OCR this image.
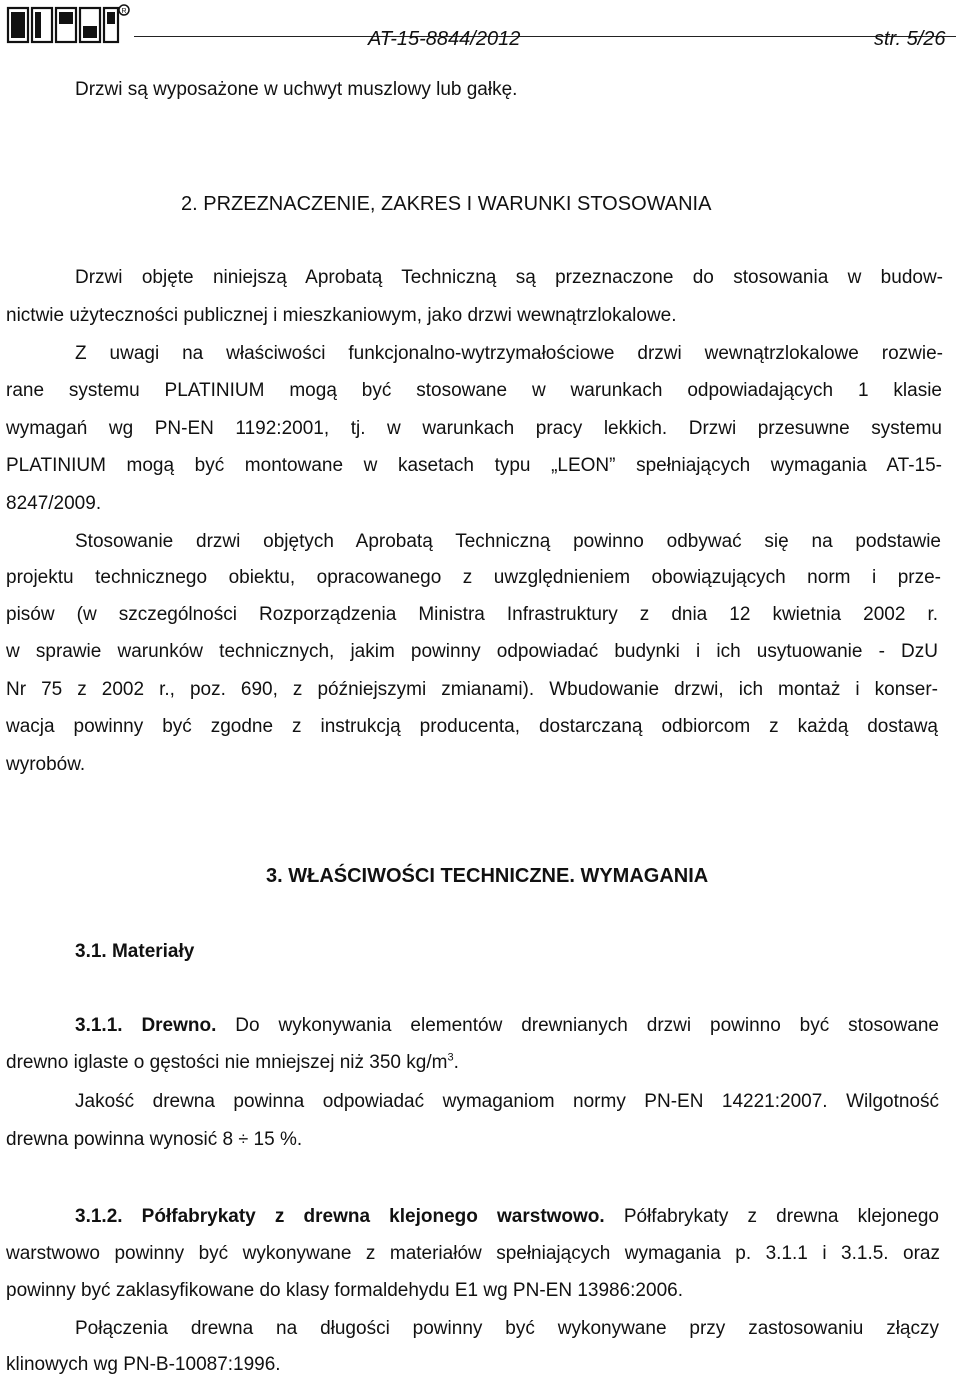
R
AT-15-8844/2012	str. 5/26
Drzwi są wyposażone w uchwyt muszlowy lub gałkę.
2. PRZEZNACZENIE, ZAKRES I WARUNKI STOSOWANIA
Drzwi objęte niniejszą Aprobatą Techniczną są przeznaczone do stosowania w budow-
nictwie użyteczności publicznej i mieszkaniowym, jako drzwi wewnątrzlokalowe.
Z uwagi na właściwości funkcjonalno-wytrzymałościowe drzwi wewnątrzlokalowe rozwie-
rane systemu PLATINIUM mogą być stosowane w warunkach odpowiadających 1 klasie
wymagań wg PN-EN 1192:2001, tj. w warunkach pracy lekkich. Drzwi przesuwne systemu
PLATINIUM mogą być montowane w kasetach typu „LEON” spełniających wymagania AT-15-
8247/2009.
Stosowanie drzwi objętych Aprobatą Techniczną powinno odbywać się na podstawie
projektu technicznego obiektu, opracowanego z uwzględnieniem obowiązujących norm i prze-
pisów (w szczególności Rozporządzenia Ministra Infrastruktury z dnia 12 kwietnia 2002 r.
w sprawie warunków technicznych, jakim powinny odpowiadać budynki i ich usytuowanie - DzU
Nr 75 z 2002 r., poz. 690, z późniejszymi zmianami). Wbudowanie drzwi, ich montaż i konser-
wacja powinny być zgodne z instrukcją producenta, dostarczaną odbiorcom z każdą dostawą
wyrobów.
3. WŁAŚCIWOŚCI TECHNICZNE. WYMAGANIA
3.1. Materiały
3.1.1. Drewno. Do wykonywania elementów drewnianych drzwi powinno być stosowane
drewno iglaste o gęstości nie mniejszej niż 350 $kg/m^3$.
Jakość drewna powinna odpowiadać wymaganiom normy PN-EN 14221:2007. Wilgotność
drewna powinna wynosić 8 ÷ 15 %.
3.1.2. Półfabrykaty z drewna klejonego warstwowo. Półfabrykaty z drewna klejonego
warstwowo powinny być wykonywane z materiałów spełniających wymagania p. 3.1.1 i 3.1.5. oraz
powinny być zaklasyfikowane do klasy formaldehydu E1 wg PN-EN 13986:2006.
Połączenia drewna na długości powinny być wykonywane przy zastosowaniu złączy
klinowych wg PN-B-10087:1996.
